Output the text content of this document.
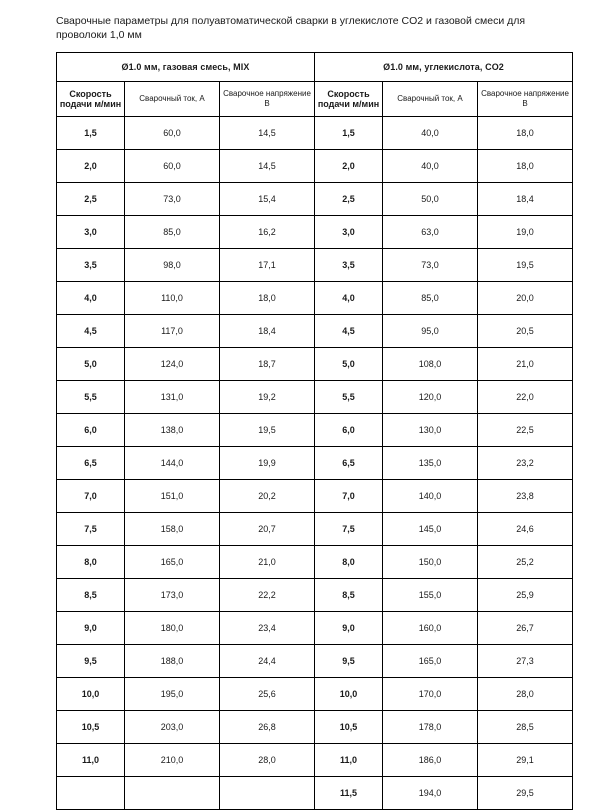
Сварочные параметры для полуавтоматической сварки в углекислоте CO2 и газовой смеси для проволоки 1,0 мм

Ø1.0 мм, газовая смесь, MIX			Ø1.0 мм, углекислота, CO2		
Скорость подачи м/мин	Сварочный ток, А	Сварочное напряжение В	Скорость подачи м/мин	Сварочный ток, А	Сварочное напряжение В
1,5	60,0	14,5	1,5	40,0	18,0
2,0	60,0	14,5	2,0	40,0	18,0
2,5	73,0	15,4	2,5	50,0	18,4
3,0	85,0	16,2	3,0	63,0	19,0
3,5	98,0	17,1	3,5	73,0	19,5
4,0	110,0	18,0	4,0	85,0	20,0
4,5	117,0	18,4	4,5	95,0	20,5
5,0	124,0	18,7	5,0	108,0	21,0
5,5	131,0	19,2	5,5	120,0	22,0
6,0	138,0	19,5	6,0	130,0	22,5
6,5	144,0	19,9	6,5	135,0	23,2
7,0	151,0	20,2	7,0	140,0	23,8
7,5	158,0	20,7	7,5	145,0	24,6
8,0	165,0	21,0	8,0	150,0	25,2
8,5	173,0	22,2	8,5	155,0	25,9
9,0	180,0	23,4	9,0	160,0	26,7
9,5	188,0	24,4	9,5	165,0	27,3
10,0	195,0	25,6	10,0	170,0	28,0
10,5	203,0	26,8	10,5	178,0	28,5
11,0	210,0	28,0	11,0	186,0	29,1
			11,5	194,0	29,5
